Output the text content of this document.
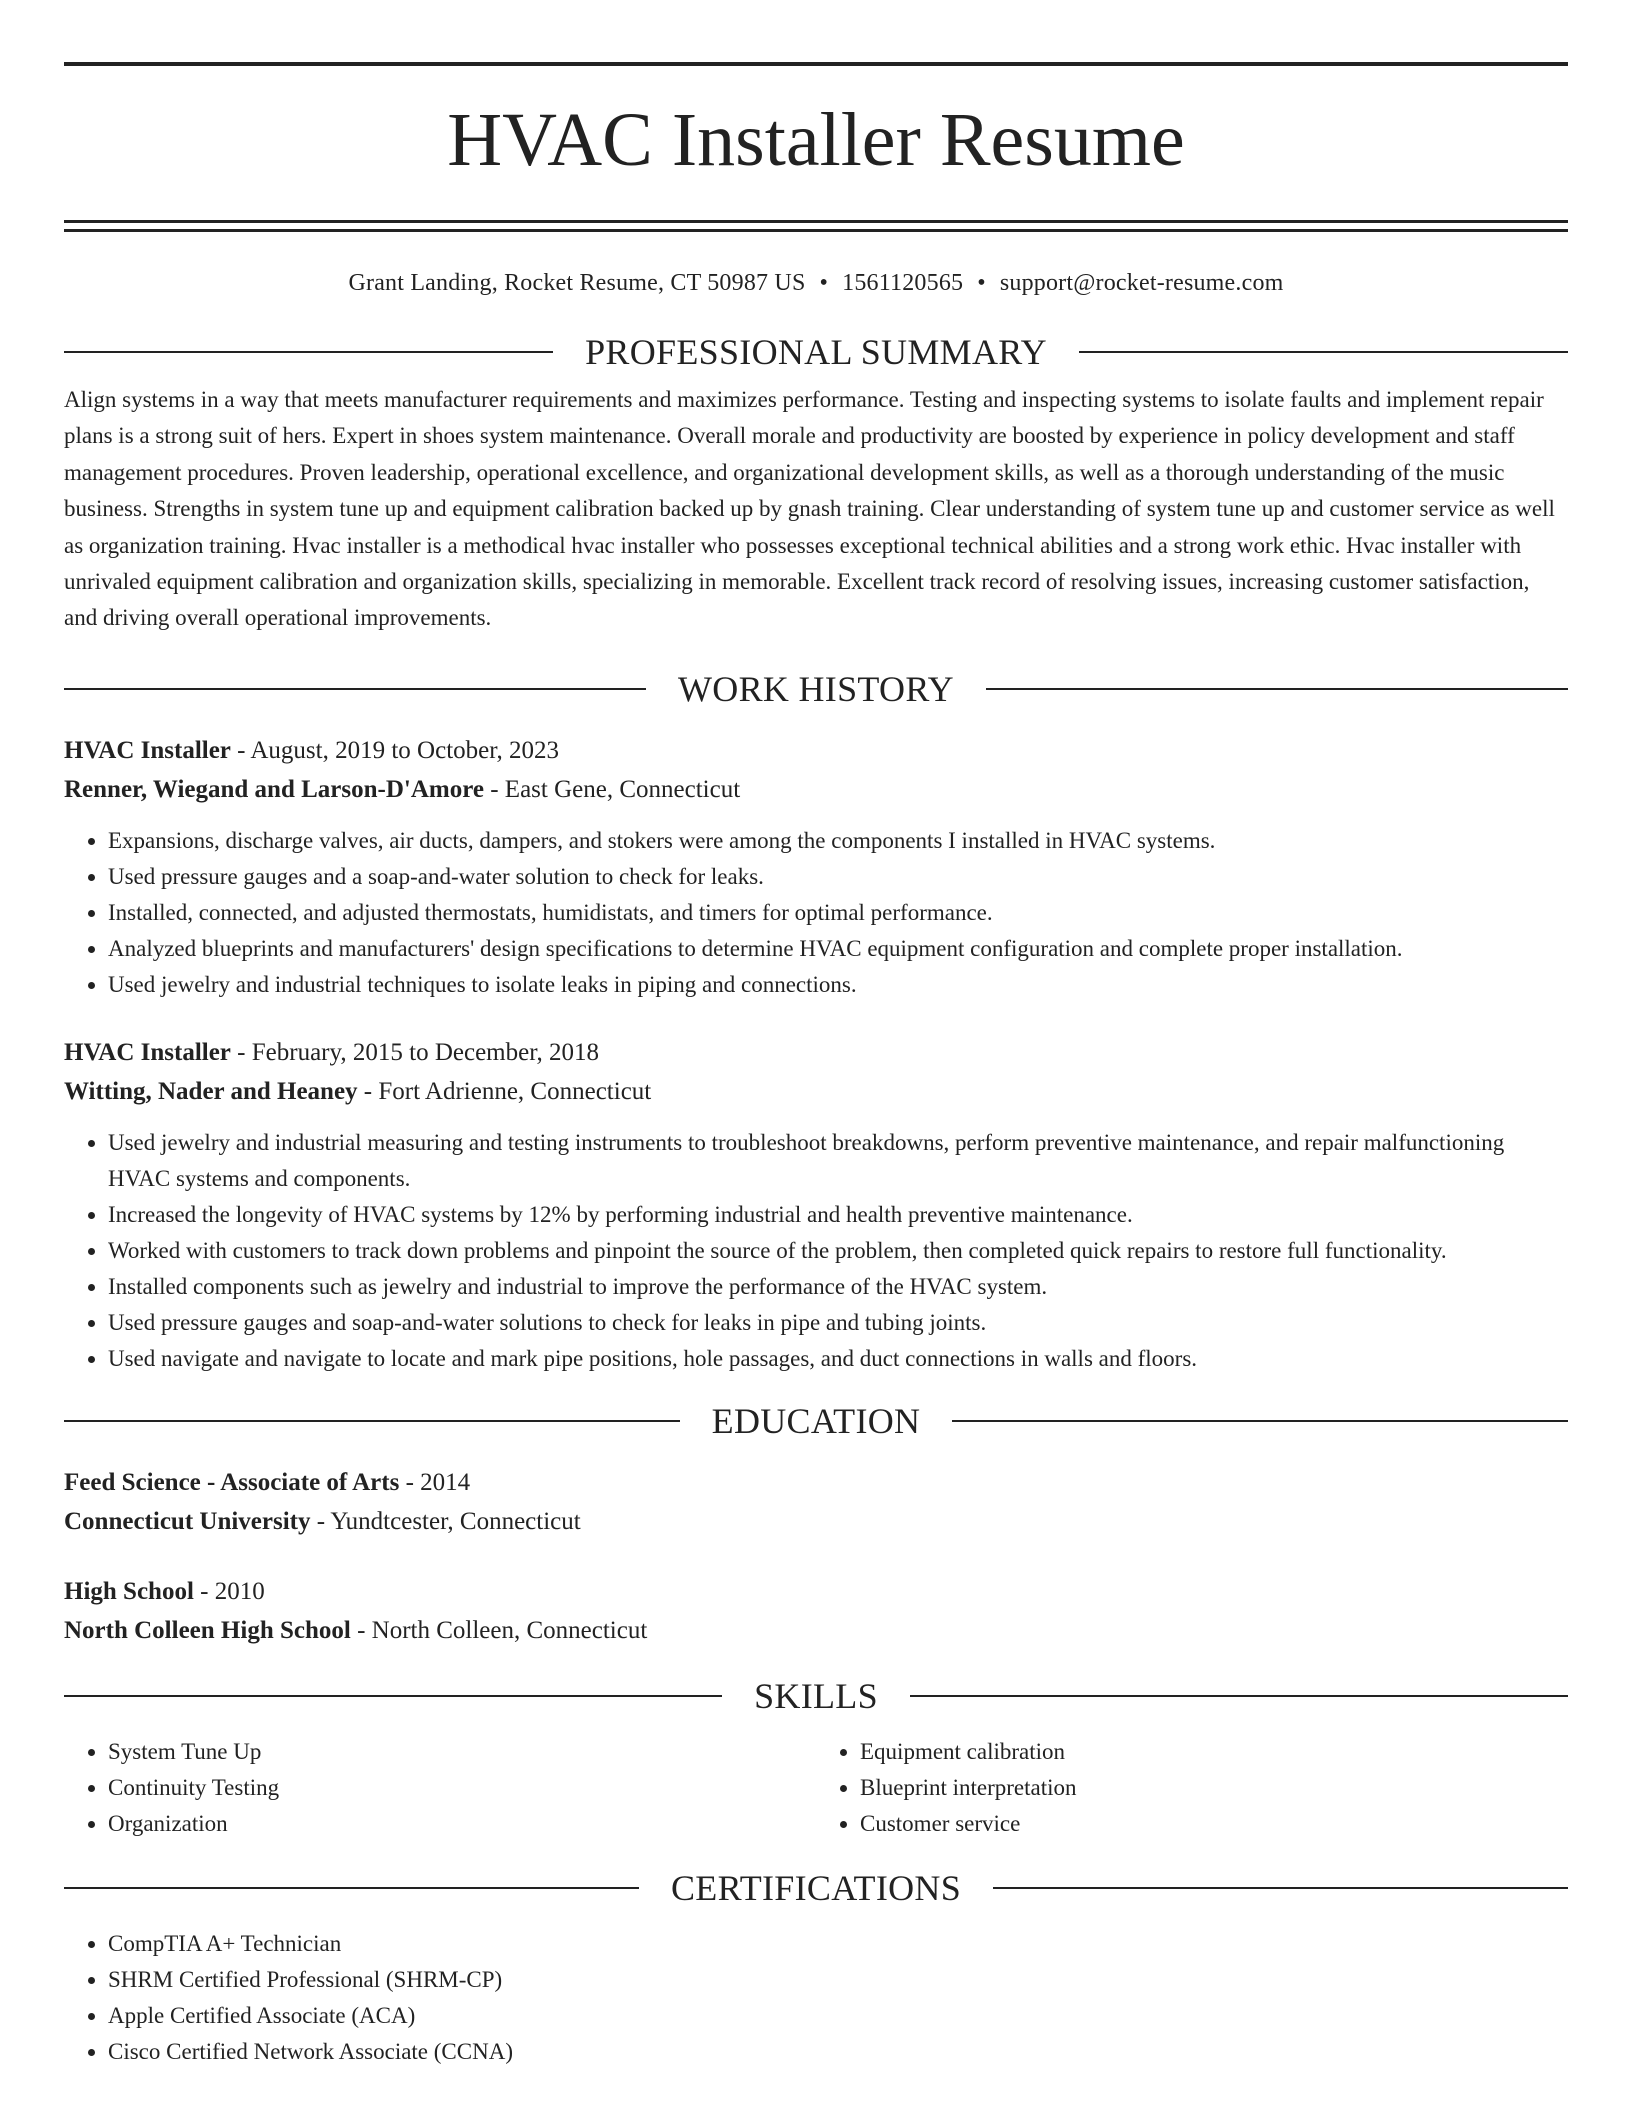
HVAC Installer Resume
Grant Landing, Rocket Resume, CT 50987 US • 1561120565 • support@rocket-resume.com
PROFESSIONAL SUMMARY
Align systems in a way that meets manufacturer requirements and maximizes performance. Testing and inspecting systems to isolate faults and implement repair plans is a strong suit of hers. Expert in shoes system maintenance. Overall morale and productivity are boosted by experience in policy development and staff management procedures. Proven leadership, operational excellence, and organizational development skills, as well as a thorough understanding of the music business. Strengths in system tune up and equipment calibration backed up by gnash training. Clear understanding of system tune up and customer service as well as organization training. Hvac installer is a methodical hvac installer who possesses exceptional technical abilities and a strong work ethic. Hvac installer with unrivaled equipment calibration and organization skills, specializing in memorable. Excellent track record of resolving issues, increasing customer satisfaction, and driving overall operational improvements.
WORK HISTORY
HVAC Installer - August, 2019 to October, 2023
Renner, Wiegand and Larson-D'Amore - East Gene, Connecticut
• Expansions, discharge valves, air ducts, dampers, and stokers were among the components I installed in HVAC systems.
• Used pressure gauges and a soap-and-water solution to check for leaks.
• Installed, connected, and adjusted thermostats, humidistats, and timers for optimal performance.
• Analyzed blueprints and manufacturers' design specifications to determine HVAC equipment configuration and complete proper installation.
• Used jewelry and industrial techniques to isolate leaks in piping and connections.
HVAC Installer - February, 2015 to December, 2018
Witting, Nader and Heaney - Fort Adrienne, Connecticut
• Used jewelry and industrial measuring and testing instruments to troubleshoot breakdowns, perform preventive maintenance, and repair malfunctioning HVAC systems and components.
• Increased the longevity of HVAC systems by 12% by performing industrial and health preventive maintenance.
• Worked with customers to track down problems and pinpoint the source of the problem, then completed quick repairs to restore full functionality.
• Installed components such as jewelry and industrial to improve the performance of the HVAC system.
• Used pressure gauges and soap-and-water solutions to check for leaks in pipe and tubing joints.
• Used navigate and navigate to locate and mark pipe positions, hole passages, and duct connections in walls and floors.
EDUCATION
Feed Science - Associate of Arts - 2014
Connecticut University - Yundtcester, Connecticut
High School - 2010
North Colleen High School - North Colleen, Connecticut
SKILLS
• System Tune Up
• Continuity Testing
• Organization
• Equipment calibration
• Blueprint interpretation
• Customer service
CERTIFICATIONS
• CompTIA A+ Technician
• SHRM Certified Professional (SHRM-CP)
• Apple Certified Associate (ACA)
• Cisco Certified Network Associate (CCNA)
